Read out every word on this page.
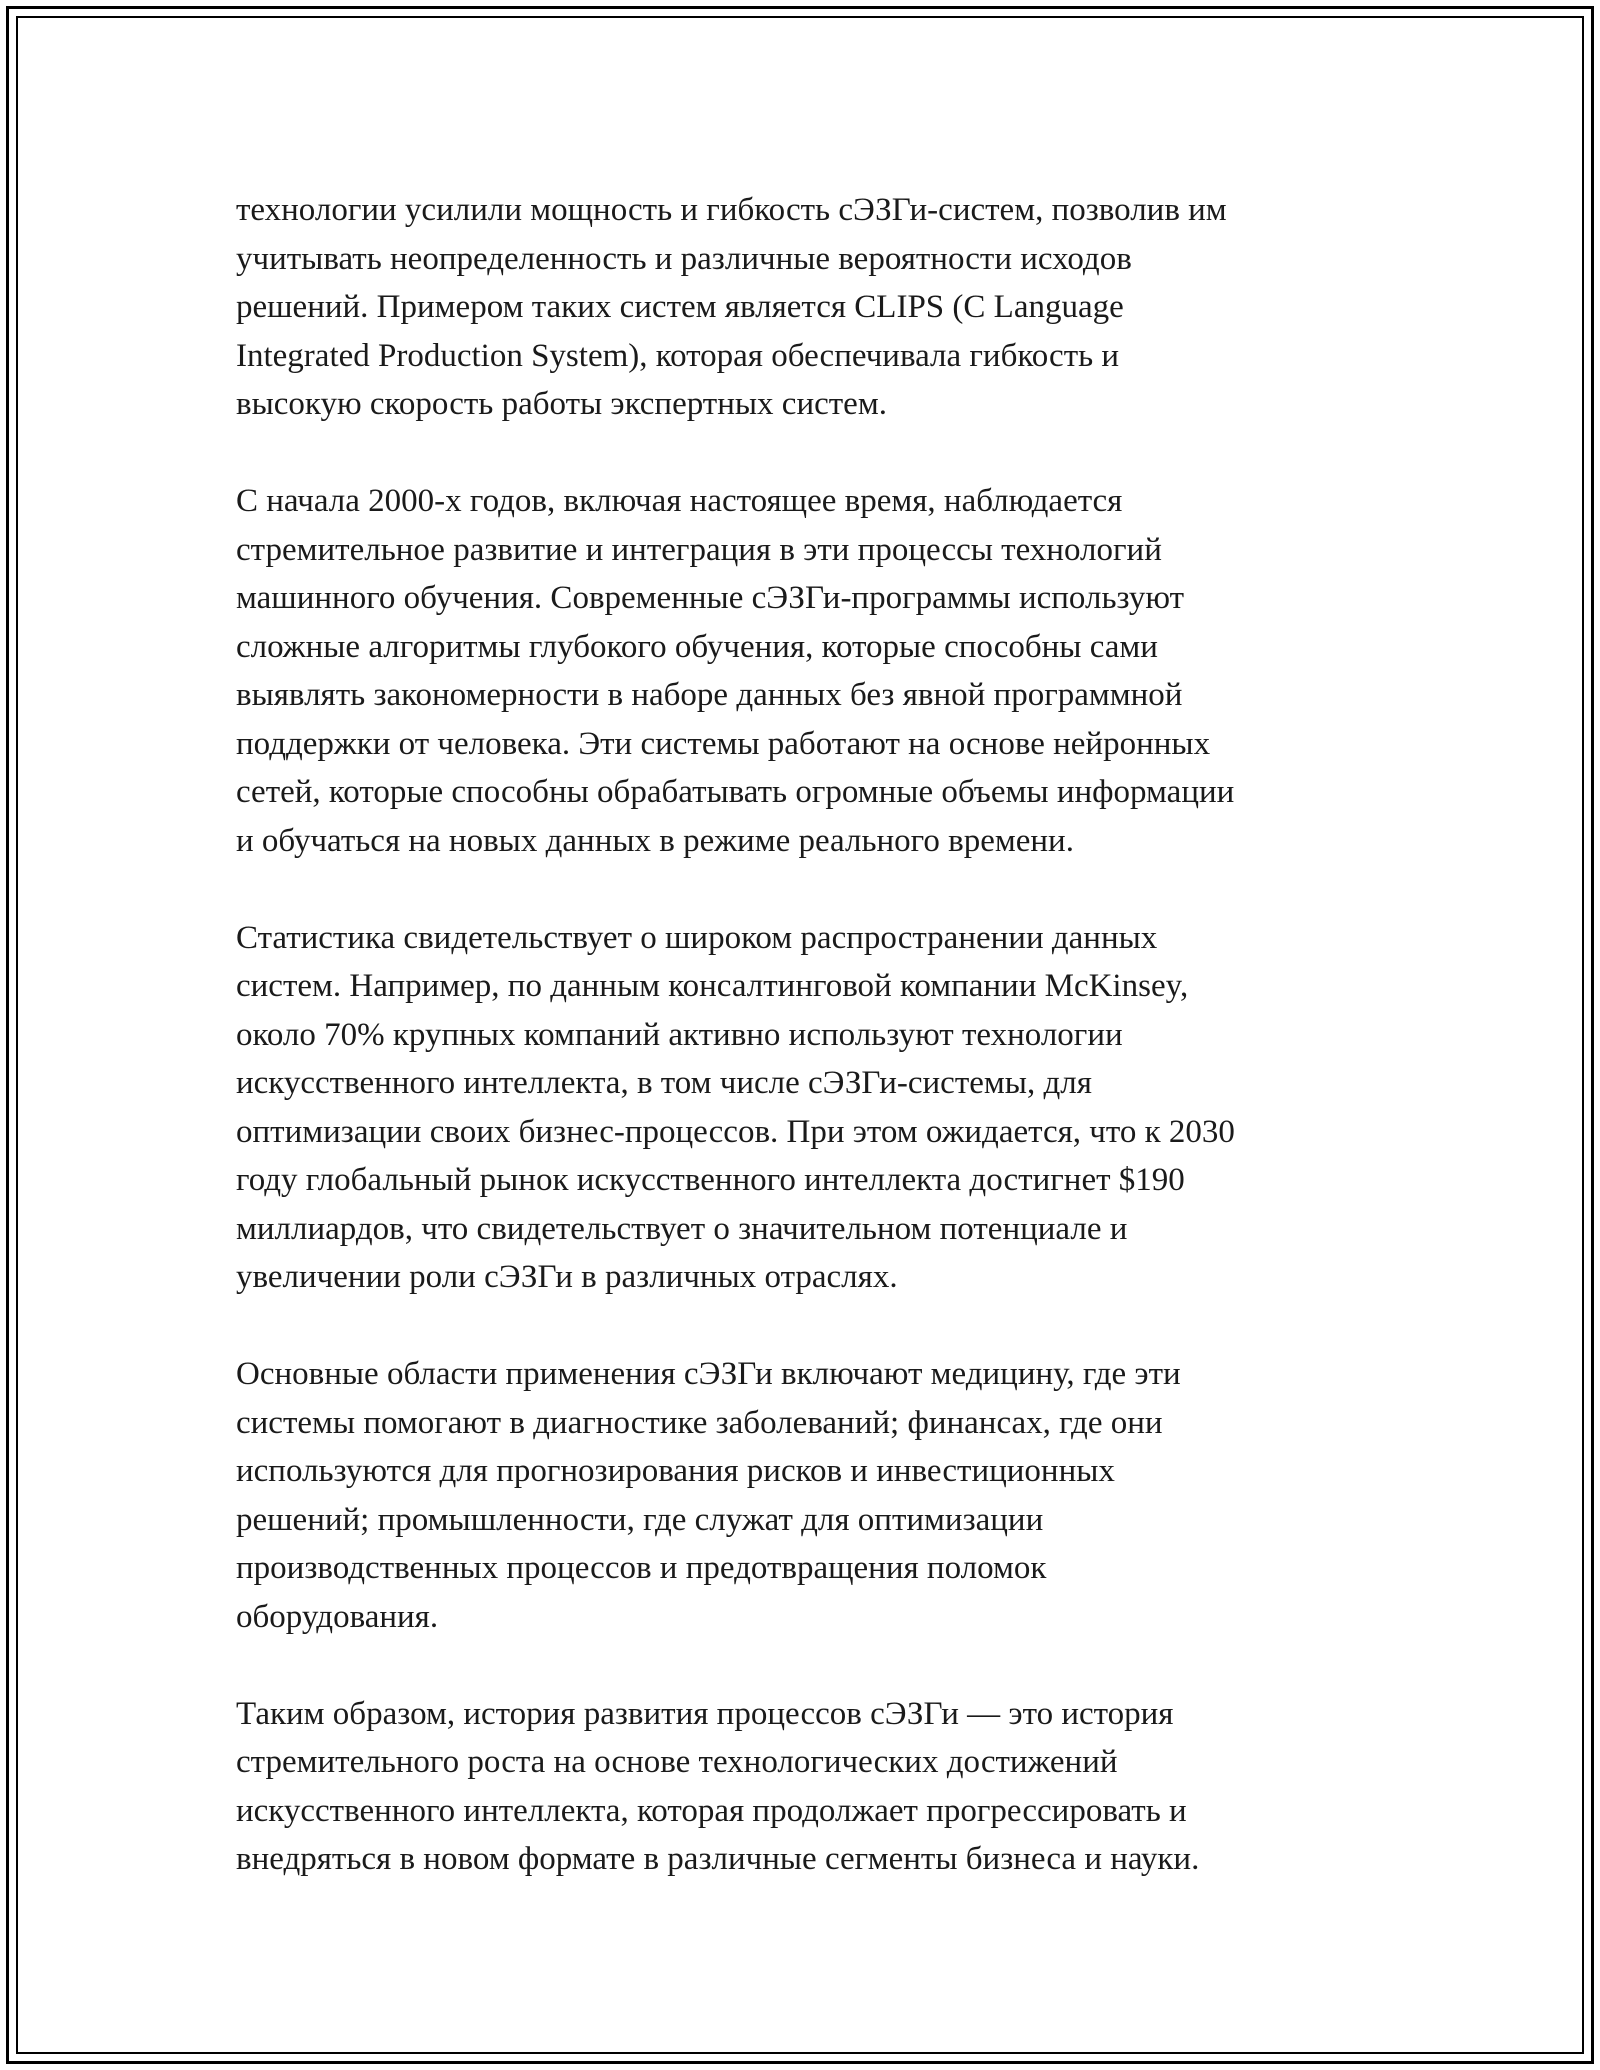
технологии усилили мощность и гибкость сЭЗГи-систем, позволив им
учитывать неопределенность и различные вероятности исходов
решений. Примером таких систем является CLIPS (C Language
Integrated Production System), которая обеспечивала гибкость и
высокую скорость работы экспертных систем.

С начала 2000-х годов, включая настоящее время, наблюдается
стремительное развитие и интеграция в эти процессы технологий
машинного обучения. Современные сЭЗГи-программы используют
сложные алгоритмы глубокого обучения, которые способны сами
выявлять закономерности в наборе данных без явной программной
поддержки от человека. Эти системы работают на основе нейронных
сетей, которые способны обрабатывать огромные объемы информации
и обучаться на новых данных в режиме реального времени.

Статистика свидетельствует о широком распространении данных
систем. Например, по данным консалтинговой компании McKinsey,
около 70% крупных компаний активно используют технологии
искусственного интеллекта, в том числе сЭЗГи-системы, для
оптимизации своих бизнес-процессов. При этом ожидается, что к 2030
году глобальный рынок искусственного интеллекта достигнет $190
миллиардов, что свидетельствует о значительном потенциале и
увеличении роли сЭЗГи в различных отраслях.

Основные области применения сЭЗГи включают медицину, где эти
системы помогают в диагностике заболеваний; финансах, где они
используются для прогнозирования рисков и инвестиционных
решений; промышленности, где служат для оптимизации
производственных процессов и предотвращения поломок
оборудования.

Таким образом, история развития процессов сЭЗГи — это история
стремительного роста на основе технологических достижений
искусственного интеллекта, которая продолжает прогрессировать и
внедряться в новом формате в различные сегменты бизнеса и науки.
